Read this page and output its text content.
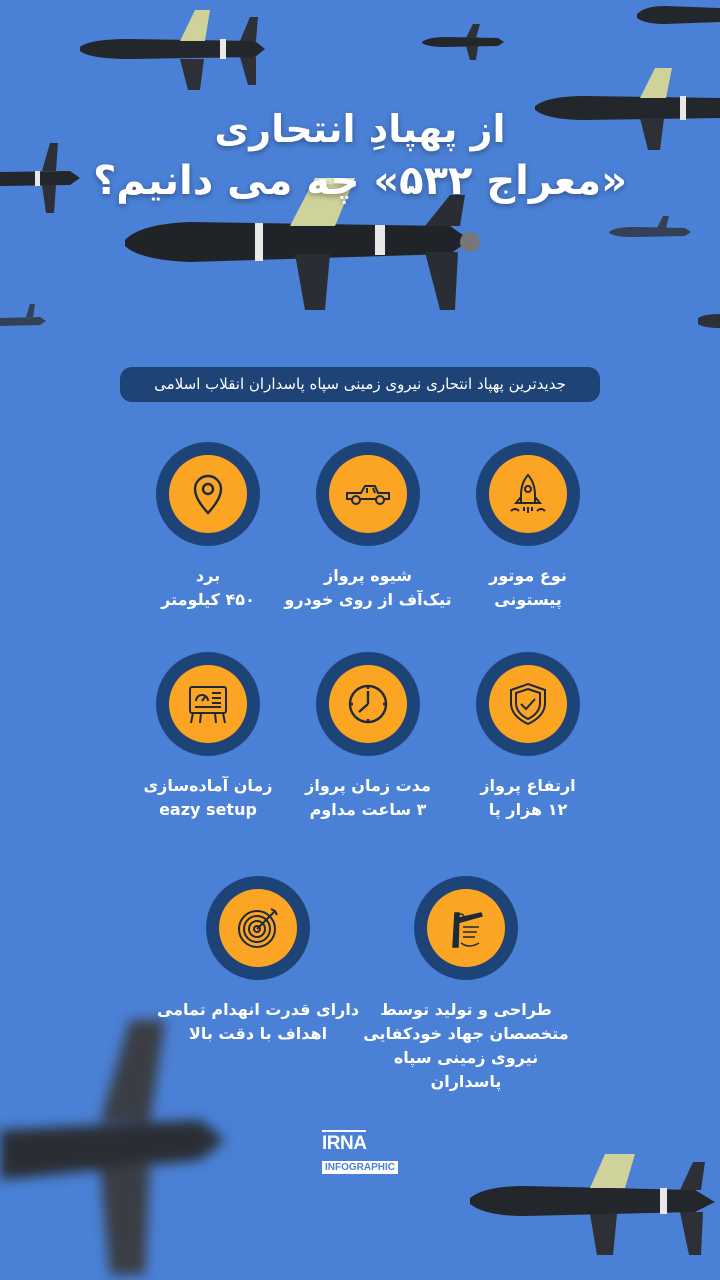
از پهپادِ انتحاری
«معراج ۵۳۲» چه می دانیم؟
جدیدترین پهپاد انتحاری نیروی زمینی سپاه پاسداران انقلاب اسلامی
نوع موتور
پیستونی
شیوه پرواز
تیک‌آف از روی خودرو
برد
۴۵۰ کیلومتر
ارتفاع پرواز
۱۲ هزار پا
مدت زمان پرواز
۳ ساعت مداوم
زمان آماده‌سازی
eazy setup
طراحی و تولید توسط
متخصصان جهاد خودکفایی
نیروی زمینی سپاه پاسداران
دارای قدرت انهدام تمامی
اهداف با دقت بالا
IRNA
INFOGRAPHIC
